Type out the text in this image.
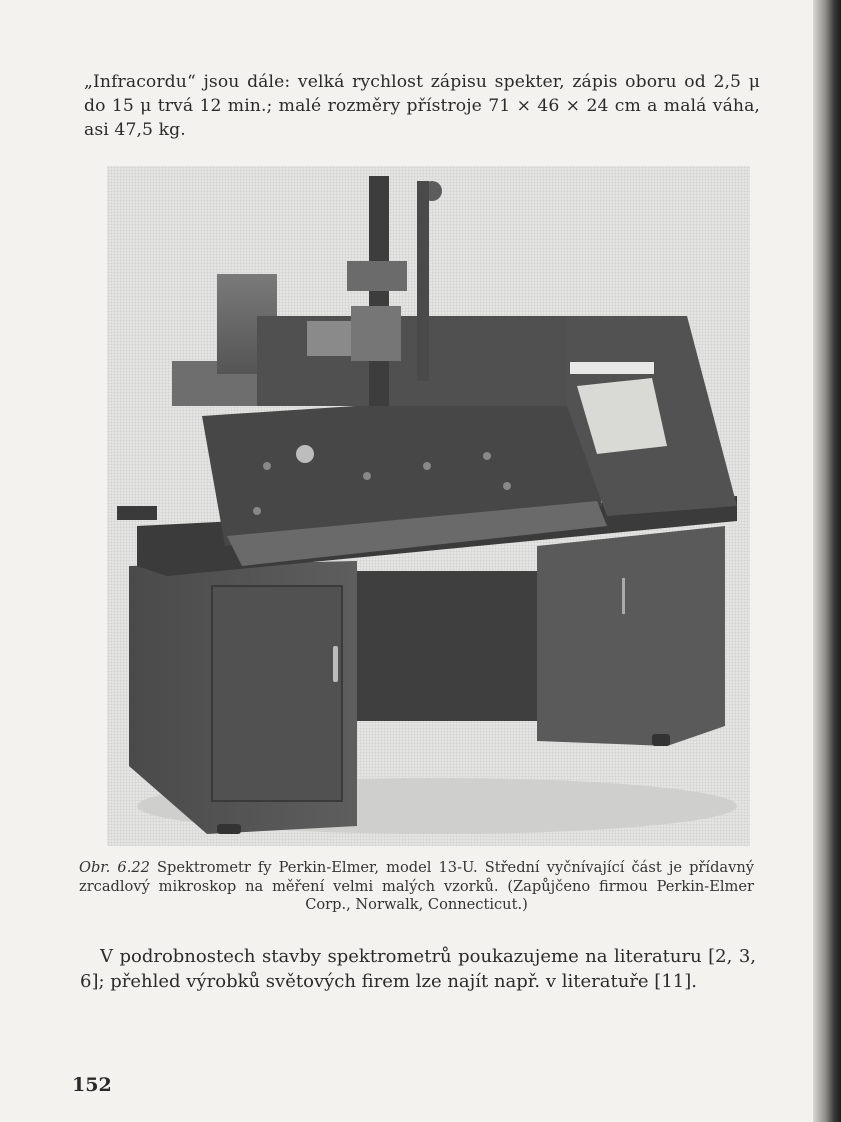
„Infracordu“ jsou dále: velká rychlost zápisu spekter, zápis oboru od 2,5 μ do 15 μ trvá 12 min.; malé rozměry přístroje 71 × 46 × 24 cm a malá váha, asi 47,5 kg.

Obr. 6.22 Spektrometr fy Perkin-Elmer, model 13-U. Střední vyčnívající část je přídavný zrcadlový mikroskop na měření velmi malých vzorků. (Zapůjčeno firmou Perkin-Elmer Corp., Norwalk, Connecticut.)

V podrobnostech stavby spektrometrů poukazujeme na literaturu [2, 3, 6]; přehled výrobků světových firem lze najít např. v literatuře [11].

152
